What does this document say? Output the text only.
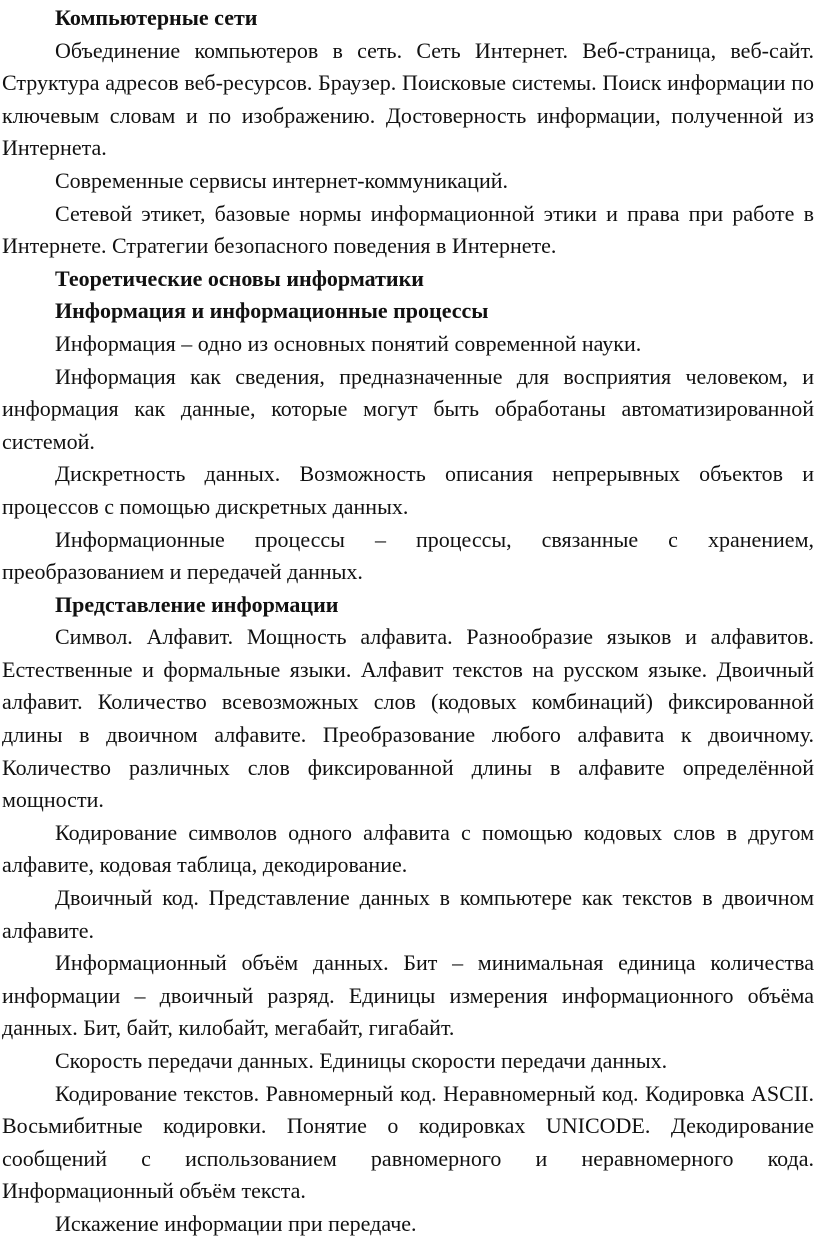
Компьютерные сети

Объединение компьютеров в сеть. Сеть Интернет. Веб-страница, веб-сайт. Структура адресов веб-ресурсов. Браузер. Поисковые системы. Поиск информации по ключевым словам и по изображению. Достоверность информации, полученной из Интернета.

Современные сервисы интернет-коммуникаций.

Сетевой этикет, базовые нормы информационной этики и права при работе в Интернете. Стратегии безопасного поведения в Интернете.

Теоретические основы информатики

Информация и информационные процессы

Информация – одно из основных понятий современной науки.

Информация как сведения, предназначенные для восприятия человеком, и информация как данные, которые могут быть обработаны автоматизированной системой.

Дискретность данных. Возможность описания непрерывных объектов и процессов с помощью дискретных данных.

Информационные процессы – процессы, связанные с хранением, преобразованием и передачей данных.

Представление информации

Символ. Алфавит. Мощность алфавита. Разнообразие языков и алфавитов. Естественные и формальные языки. Алфавит текстов на русском языке. Двоичный алфавит. Количество всевозможных слов (кодовых комбинаций) фиксированной длины в двоичном алфавите. Преобразование любого алфавита к двоичному. Количество различных слов фиксированной длины в алфавите определённой мощности.

Кодирование символов одного алфавита с помощью кодовых слов в другом алфавите, кодовая таблица, декодирование.

Двоичный код. Представление данных в компьютере как текстов в двоичном алфавите.

Информационный объём данных. Бит – минимальная единица количества информации – двоичный разряд. Единицы измерения информационного объёма данных. Бит, байт, килобайт, мегабайт, гигабайт.

Скорость передачи данных. Единицы скорости передачи данных.

Кодирование текстов. Равномерный код. Неравномерный код. Кодировка ASCII. Восьмибитные кодировки. Понятие о кодировках UNICODE. Декодирование сообщений с использованием равномерного и неравномерного кода. Информационный объём текста.

Искажение информации при передаче.
